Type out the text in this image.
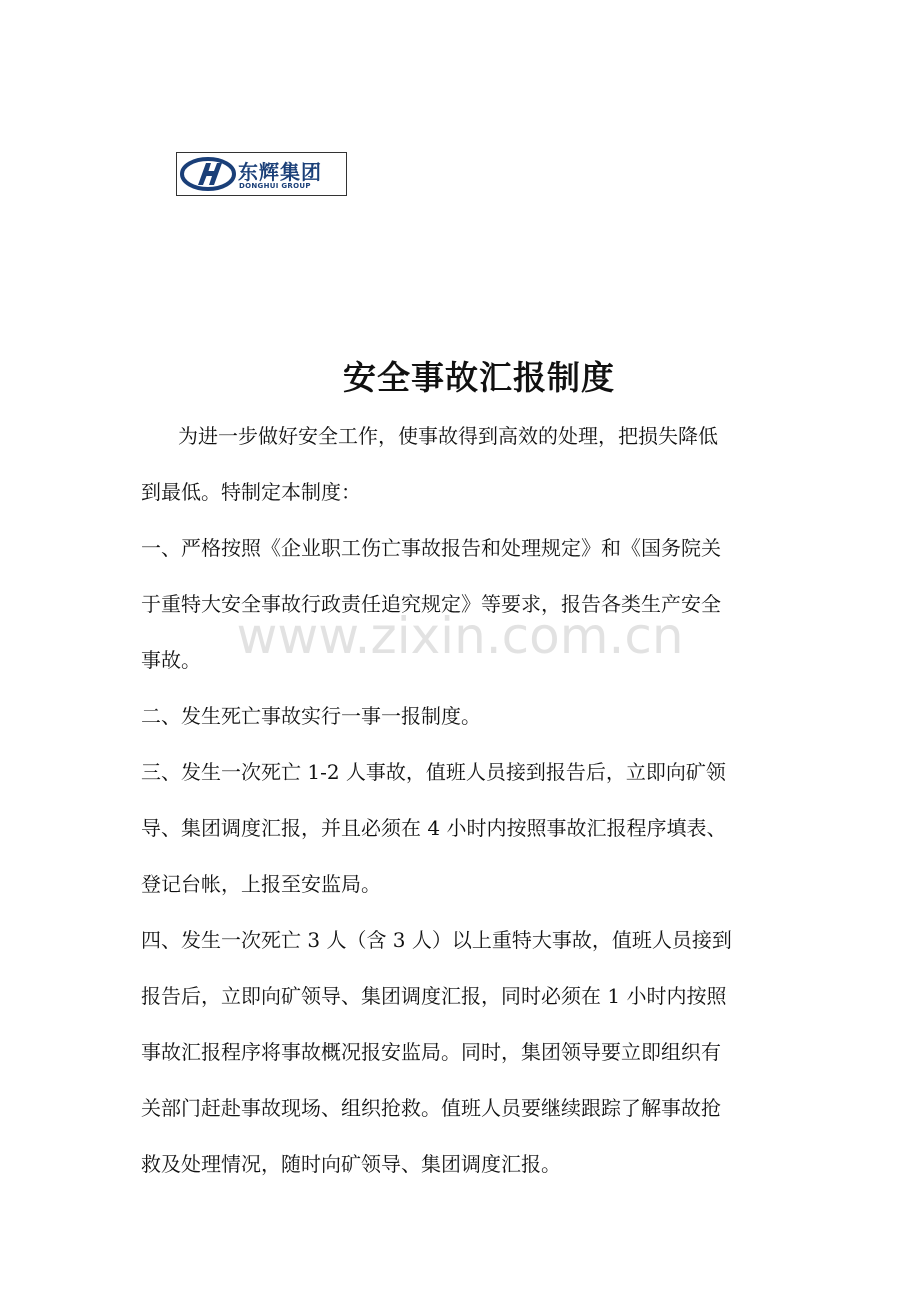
东辉集团
DONGHUI GROUP
安全事故汇报制度
www.zixin.com.cn
为进一步做好安全工作，使事故得到高效的处理，把损失降低
到最低。特制定本制度：
一、严格按照《企业职工伤亡事故报告和处理规定》和《国务院关
于重特大安全事故行政责任追究规定》等要求，报告各类生产安全
事故。
二、发生死亡事故实行一事一报制度。
三、发生一次死亡 1-2 人事故，值班人员接到报告后，立即向矿领
导、集团调度汇报，并且必须在 4 小时内按照事故汇报程序填表、
登记台帐，上报至安监局。
四、发生一次死亡 3 人（含 3 人）以上重特大事故，值班人员接到
报告后，立即向矿领导、集团调度汇报，同时必须在 1 小时内按照
事故汇报程序将事故概况报安监局。同时，集团领导要立即组织有
关部门赶赴事故现场、组织抢救。值班人员要继续跟踪了解事故抢
救及处理情况，随时向矿领导、集团调度汇报。
